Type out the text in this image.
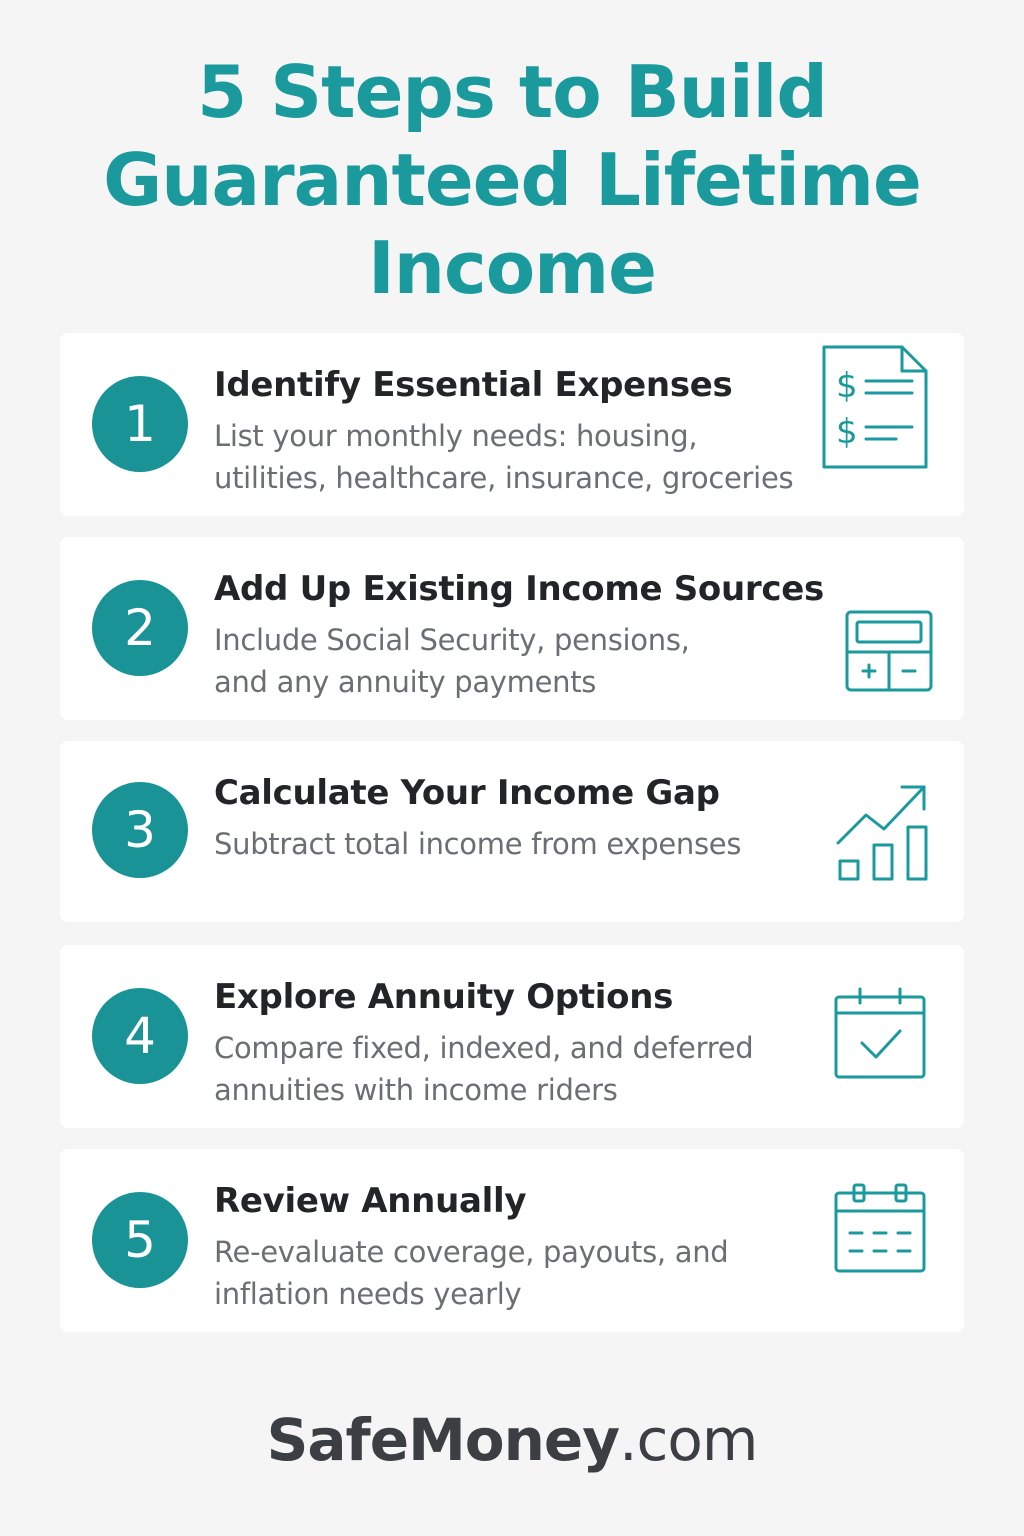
5 Steps to Build
Guaranteed Lifetime
Income
1
Identify Essential Expenses
List your monthly needs: housing,
utilities, healthcare, insurance, groceries
$
$
2
Add Up Existing Income Sources
Include Social Security, pensions,
and any annuity payments
3
Calculate Your Income Gap
Subtract total income from expenses
4
Explore Annuity Options
Compare fixed, indexed, and deferred
annuities with income riders
5
Review Annually
Re-evaluate coverage, payouts, and
inflation needs yearly
SafeMoney.com
